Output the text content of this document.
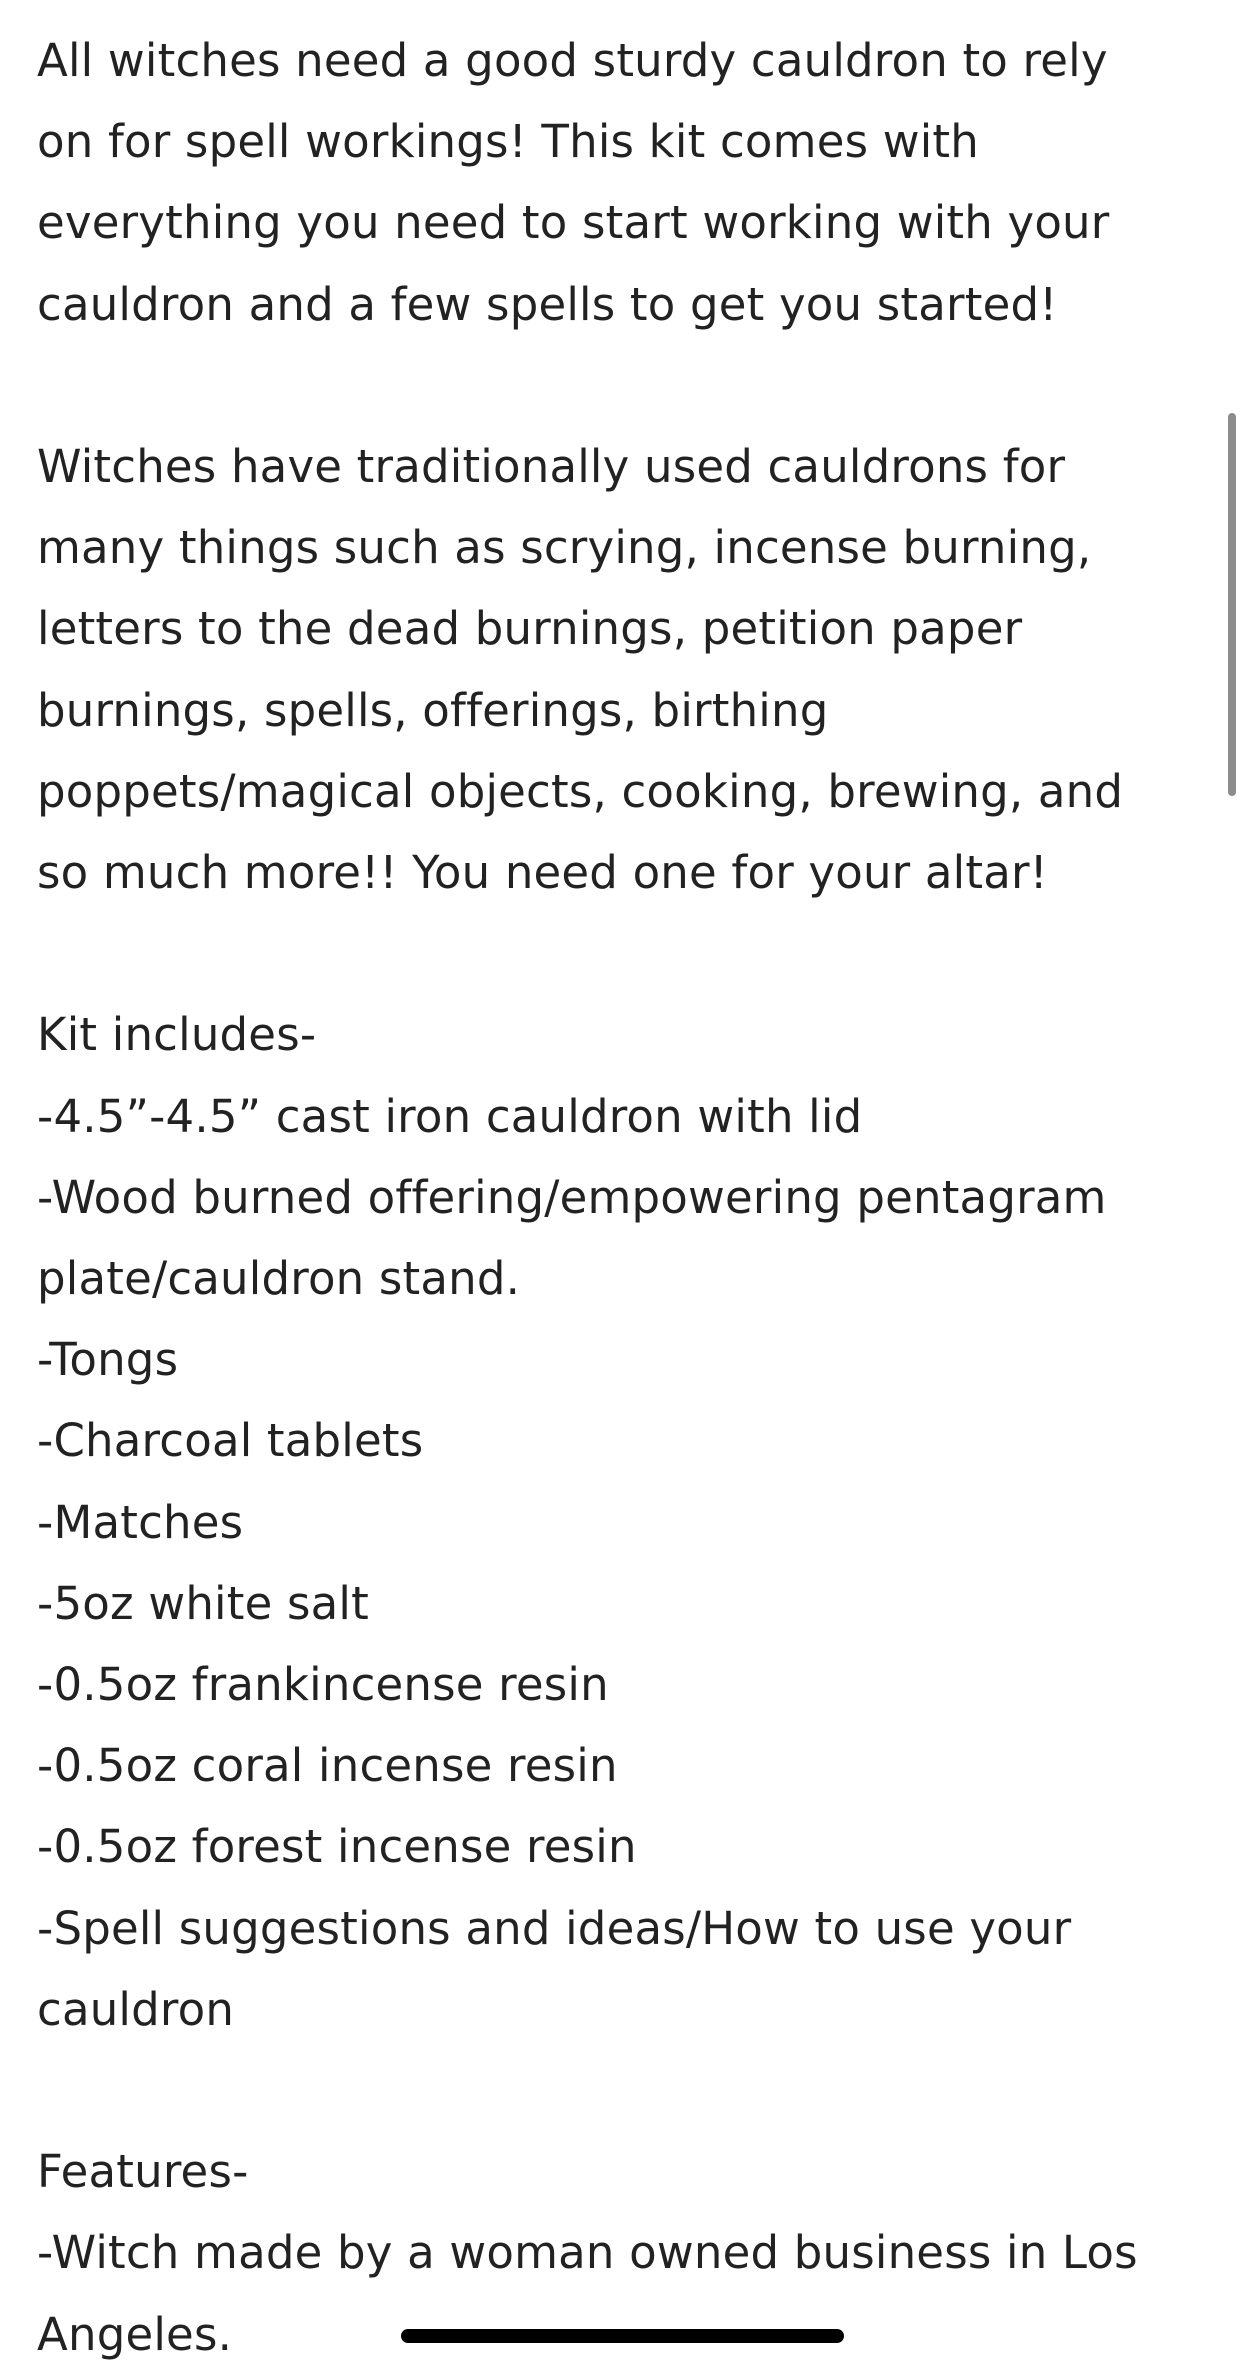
All witches need a good sturdy cauldron to rely
on for spell workings! This kit comes with
everything you need to start working with your
cauldron and a few spells to get you started!

Witches have traditionally used cauldrons for
many things such as scrying, incense burning,
letters to the dead burnings, petition paper
burnings, spells, offerings, birthing
poppets/magical objects, cooking, brewing, and
so much more!! You need one for your altar!

Kit includes-
-4.5”-4.5” cast iron cauldron with lid
-Wood burned offering/empowering pentagram
plate/cauldron stand.
-Tongs
-Charcoal tablets
-Matches
-5oz white salt
-0.5oz frankincense resin
-0.5oz coral incense resin
-0.5oz forest incense resin
-Spell suggestions and ideas/How to use your
cauldron

Features-
-Witch made by a woman owned business in Los
Angeles.
